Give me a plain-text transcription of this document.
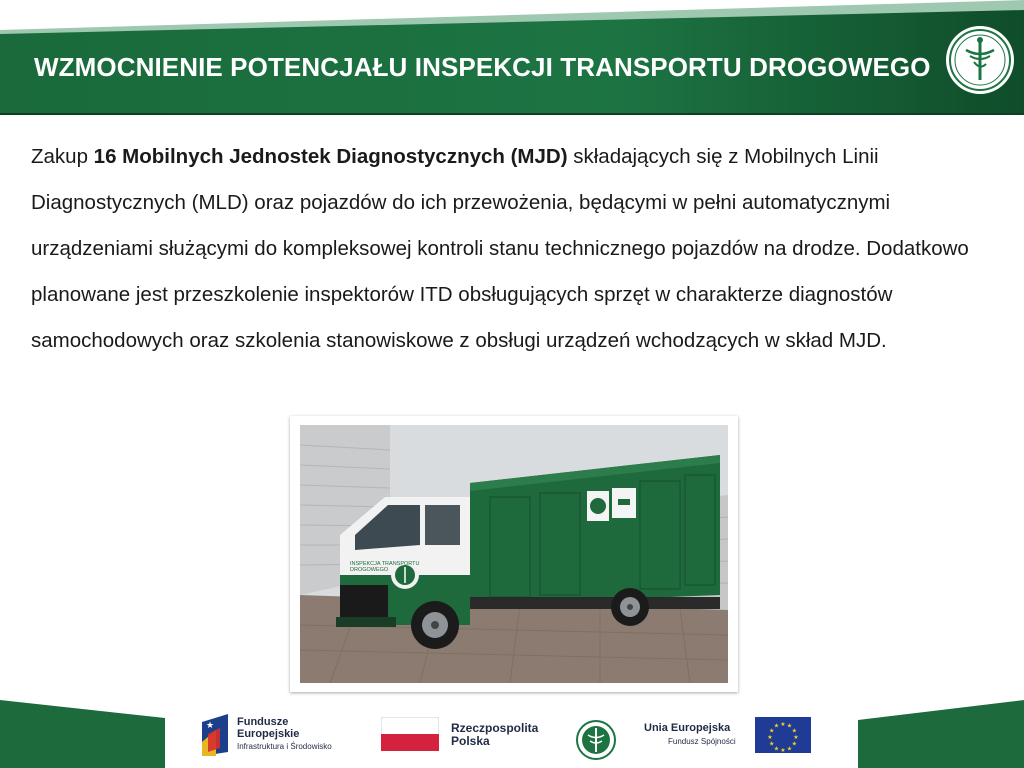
WZMOCNIENIE POTENCJAŁU INSPEKCJI TRANSPORTU DROGOWEGO
Zakup 16 Mobilnych Jednostek Diagnostycznych (MJD) składających się z Mobilnych Linii Diagnostycznych (MLD) oraz pojazdów do ich przewożenia, będącymi w pełni automatycznymi urządzeniami służącymi do kompleksowej kontroli stanu technicznego pojazdów na drodze. Dodatkowo planowane jest przeszkolenie inspektorów ITD obsługujących sprzęt w charakterze diagnostów samochodowych oraz szkolenia stanowiskowe z obsługi urządzeń wchodzących w skład MJD.
INSPEKCJA TRANSPORTU
DROGOWEGO
★ Fundusze
Europejskie
Infrastruktura i Środowisko
Rzeczpospolita
Polska
Unia Europejska
Fundusz Spójności
★ ★
★
★
★
★
★
★
★
★
★
★
